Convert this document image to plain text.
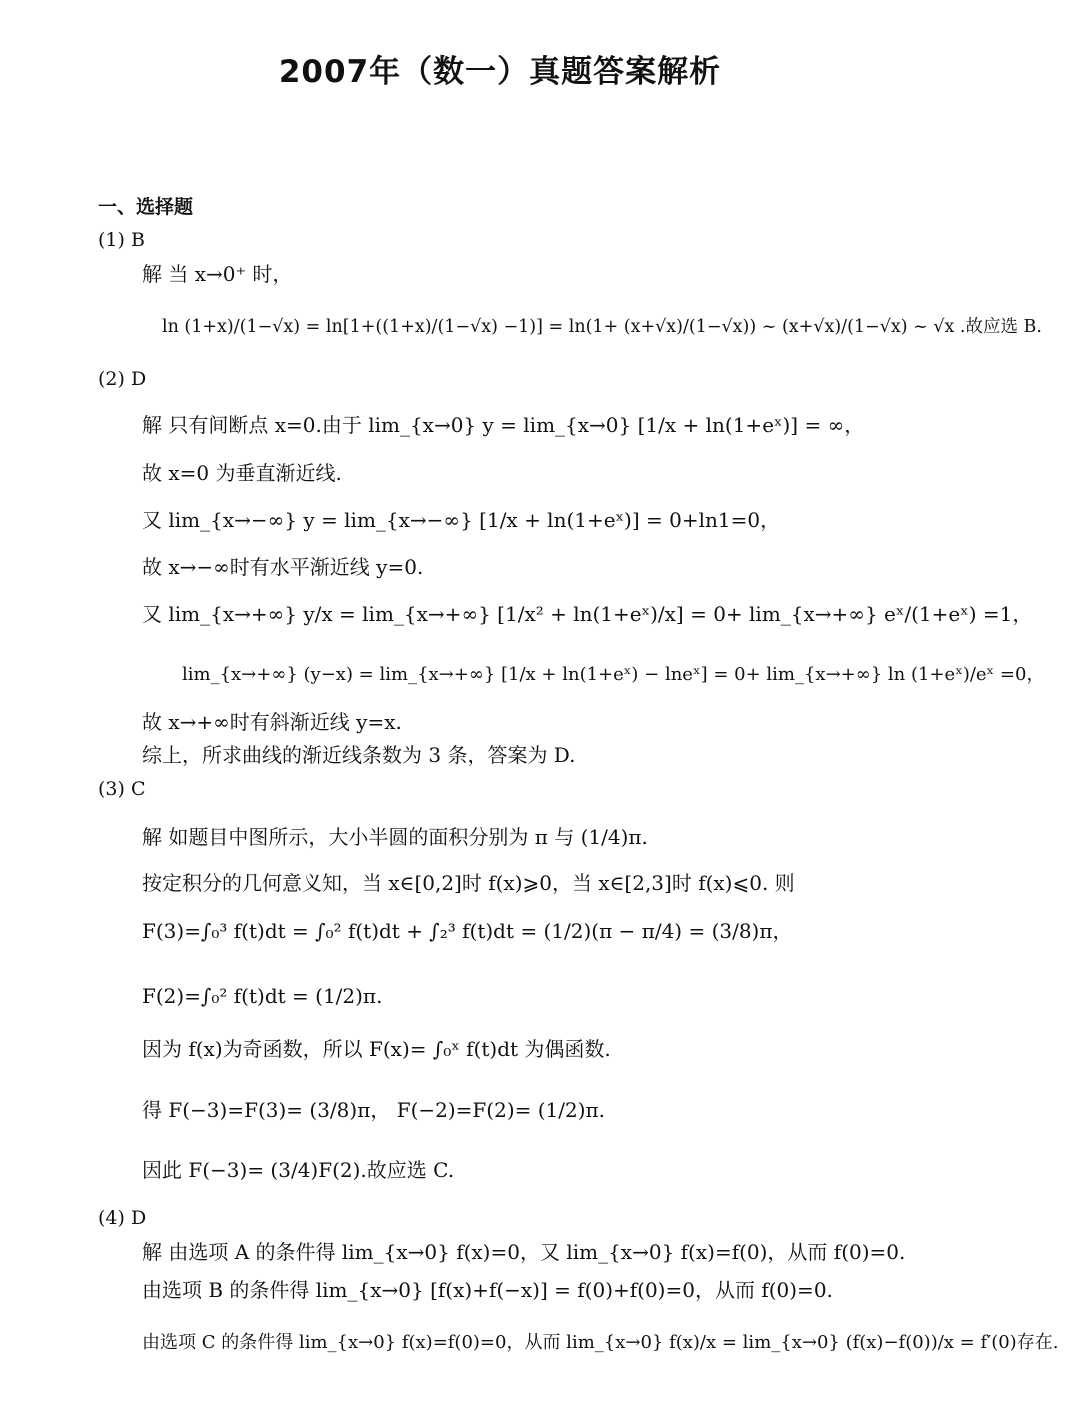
2007年（数一）真题答案解析
一、选择题
(1) B
解 当 x→0⁺ 时，
ln (1+x)/(1−√x) = ln[1+((1+x)/(1−√x) −1)] = ln(1+ (x+√x)/(1−√x)) ~ (x+√x)/(1−√x) ~ √x .故应选 B.
(2) D
解 只有间断点 x=0.由于 lim_{x→0} y = lim_{x→0} [1/x + ln(1+eˣ)] = ∞，
故 x=0 为垂直渐近线.
又 lim_{x→−∞} y = lim_{x→−∞} [1/x + ln(1+eˣ)] = 0+ln1=0，
故 x→−∞时有水平渐近线 y=0.
又 lim_{x→+∞} y/x = lim_{x→+∞} [1/x² + ln(1+eˣ)/x] = 0+ lim_{x→+∞} eˣ/(1+eˣ) =1，
lim_{x→+∞} (y−x) = lim_{x→+∞} [1/x + ln(1+eˣ) − lneˣ] = 0+ lim_{x→+∞} ln (1+eˣ)/eˣ =0，
故 x→+∞时有斜渐近线 y=x.
综上，所求曲线的渐近线条数为 3 条，答案为 D.
(3) C
解 如题目中图所示，大小半圆的面积分别为 π 与 (1/4)π.
按定积分的几何意义知，当 x∈[0,2]时 f(x)⩾0，当 x∈[2,3]时 f(x)⩽0. 则
F(3)=∫₀³ f(t)dt = ∫₀² f(t)dt + ∫₂³ f(t)dt = (1/2)(π − π/4) = (3/8)π，
F(2)=∫₀² f(t)dt = (1/2)π.
因为 f(x)为奇函数，所以 F(x)= ∫₀ˣ f(t)dt 为偶函数.
得 F(−3)=F(3)= (3/8)π， F(−2)=F(2)= (1/2)π.
因此 F(−3)= (3/4)F(2).故应选 C.
(4) D
解 由选项 A 的条件得 lim_{x→0} f(x)=0，又 lim_{x→0} f(x)=f(0)，从而 f(0)=0.
由选项 B 的条件得 lim_{x→0} [f(x)+f(−x)] = f(0)+f(0)=0，从而 f(0)=0.
由选项 C 的条件得 lim_{x→0} f(x)=f(0)=0，从而 lim_{x→0} f(x)/x = lim_{x→0} (f(x)−f(0))/x = f′(0)存在.
